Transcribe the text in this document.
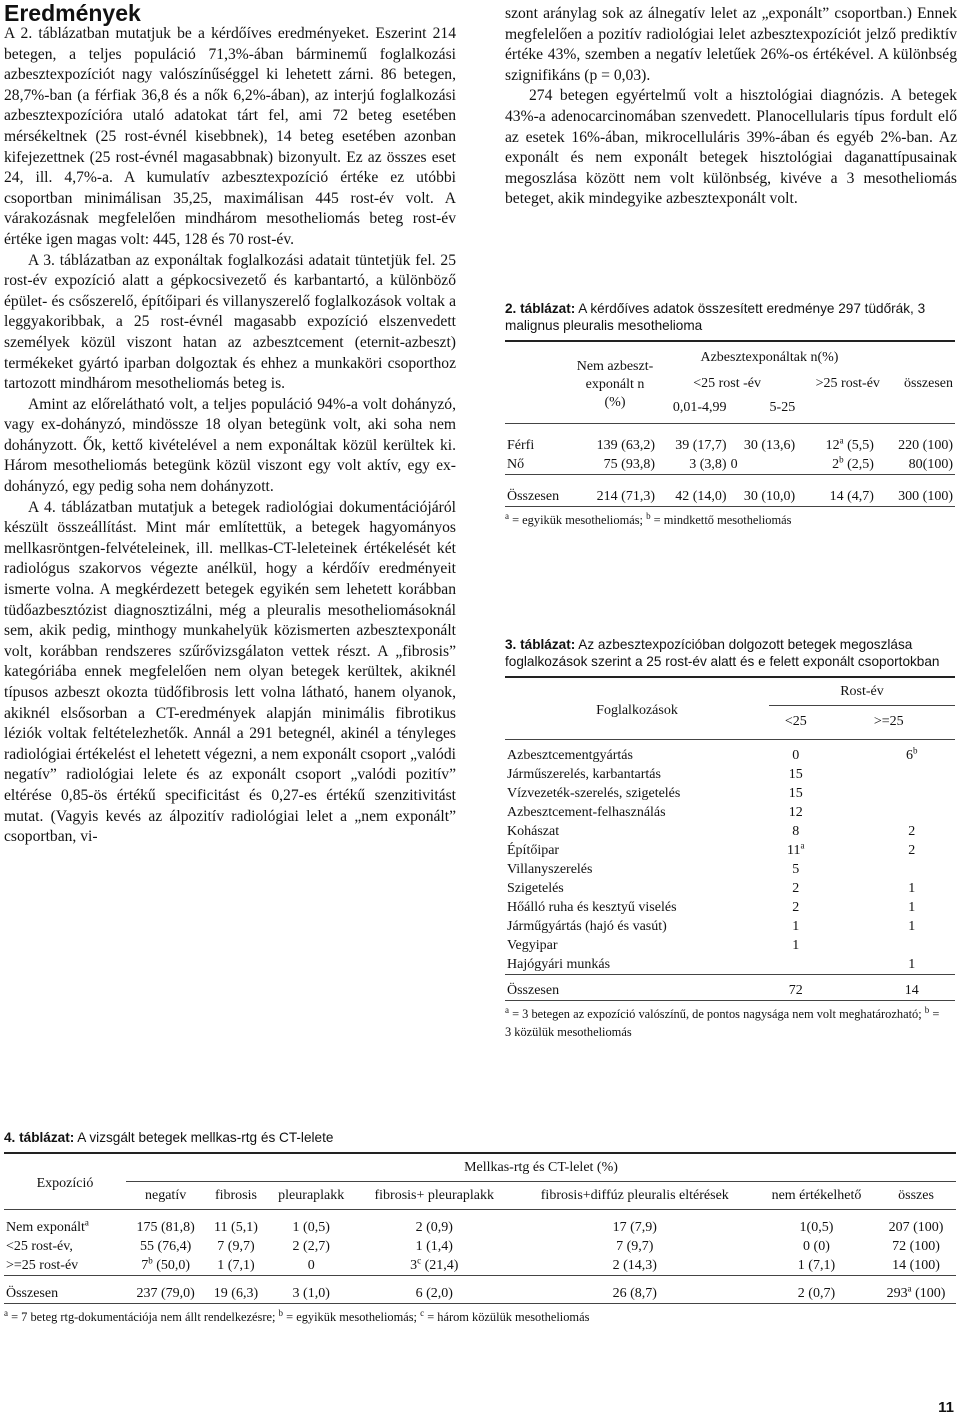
Eredmények

A 2. táblázatban mutatjuk be a kérdőíves eredményeket. Eszerint 214 betegen, a teljes populáció 71,3%-ában bárminemű foglalkozási azbesztexpozíciót nagy valószínűséggel ki lehetett zárni. 86 betegen, 28,7%-ban (a férfiak 36,8 és a nők 6,2%-ában), az interjú foglalkozási azbesztexpozícióra utaló adatokat tárt fel, ami 72 beteg esetében mérsékeltnek (25 rost-évnél kisebbnek), 14 beteg esetében azonban kifejezettnek (25 rost-évnél magasabbnak) bizonyult. Ez az összes eset 24, ill. 4,7%-a. A kumulatív azbesztexpozíció értéke ez utóbbi csoportban minimálisan 35,25, maximálisan 445 rost-év volt. A várakozásnak megfelelően mindhárom mesotheliomás beteg rost-év értéke igen magas volt: 445, 128 és 70 rost-év.

A 3. táblázatban az exponáltak foglalkozási adatait tüntetjük fel. 25 rost-év expozíció alatt a gépkocsivezető és karbantartó, a különböző épület- és csőszerelő, építőipari és villanyszerelő foglalkozások voltak a leggyakoribbak, a 25 rost-évnél magasabb expozíció elszenvedett személyek közül viszont hatan az azbesztcement (eternit-azbeszt) termékeket gyártó iparban dolgoztak és ehhez a munkaköri csoporthoz tartozott mindhárom mesotheliomás beteg is.

Amint az előrelátható volt, a teljes populáció 94%-a volt dohányzó, vagy ex-dohányzó, mindössze 18 olyan betegünk volt, aki soha nem dohányzott. Ők, kettő kivételével a nem exponáltak közül kerültek ki. Három mesotheliomás betegünk közül viszont egy volt aktív, egy ex-dohányzó, egy pedig soha nem dohányzott.

A 4. táblázatban mutatjuk a betegek radiológiai dokumentációjáról készült összeállítást. Mint már említettük, a betegek hagyományos mellkasröntgen-felvételeinek, ill. mellkas-CT-leleteinek értékelését két radiológus szakorvos végezte anélkül, hogy a kérdőív eredményeit ismerte volna. A megkérdezett betegek egyikén sem lehetett korábban tüdőazbesztózist diagnosztizálni, még a pleuralis mesotheliomásoknál sem, akik pedig, minthogy munkahelyük közismerten azbesztexponált volt, korábban rendszeres szűrővizsgálaton vettek részt. A „fibrosis” kategóriába ennek megfelelően nem olyan betegek kerültek, akiknél típusos azbeszt okozta tüdőfibrosis lett volna látható, hanem olyanok, akiknél elsősorban a CT-eredmények alapján minimális fibrotikus léziók voltak feltételezhetők. Annál a 291 betegnél, akinél a tényleges radiológiai értékelést el lehetett végezni, a nem exponált csoport „valódi negatív” radiológiai lelete és az exponált csoport „valódi pozitív” eltérése 0,85-ös értékű specificitást és 0,27-es értékű szenzitivitást mutat. (Vagyis kevés az álpozitív radiológiai lelet a „nem exponált” csoportban, vi-

szont aránylag sok az álnegatív lelet az „exponált” csoportban.) Ennek megfelelően a pozitív radiológiai lelet azbesztexpozíciót jelző prediktív értéke 43%, szemben a negatív leletűek 26%-os értékével. A különbség szignifikáns (p = 0,03).

274 betegen egyértelmű volt a hisztológiai diagnózis. A betegek 43%-a adenocarcinomában szenvedett. Planocellularis típus fordult elő az esetek 16%-ában, mikrocelluláris 39%-ában és egyéb 2%-ban. Az exponált és nem exponált betegek hisztológiai daganattípusainak megoszlása között nem volt különbség, kivéve a 3 mesotheliomás beteget, akik mindegyike azbesztexponált volt.

2. táblázat: A kérdőíves adatok összesített eredménye 297 tüdőrák, 3 malignus pleuralis mesothelioma

	Nem azbeszt- exponált n (%)	Azbesztexponáltak n(%)				
		<25 rost -év		>25 rost-év		összesen
		0,01-4,99	5-25			

Férfi	139 (63,2)	39 (17,7)	30 (13,6)	12$^a$ (5,5)		220 (100)
Nő	75 (93,8)	3 (3,8)	0	2$^b$ (2,5)		80(100)

Összesen	214 (71,3)	42 (14,0)	30 (10,0)	14 (4,7)		300 (100)

$^a$ = egyikük mesotheliomás; $^b$ = mindkettő mesotheliomás

3. táblázat: Az azbesztexpozícióban dolgozott betegek megoszlása foglalkozások szerint a 25 rost-év alatt és e felett exponált csoportokban

Foglalkozások	Rost-év	
	<25	>=25

Azbesztcementgyártás	0	6$^b$
Járműszerelés, karbantartás	15	
Vízvezeték-szerelés, szigetelés	15	
Azbesztcement-felhasználás	12	
Kohászat	8	2
Építőipar	11$^a$	2
Villanyszerelés	5	
Szigetelés	2	1
Hőálló ruha és kesztyű viselés	2	1
Járműgyártás (hajó és vasút)	1	1
Vegyipar	1	
Hajógyári munkás		1

Összesen	72	14

$^a$ = 3 betegen az expozíció valószínű, de pontos nagysága nem volt meghatározható; $^b$ = 3 közülük mesotheliomás

4. táblázat: A vizsgált betegek mellkas-rtg és CT-lelete

Expozíció	Mellkas-rtg és CT-lelet (%)						
	negatív	fibrosis	pleuraplakk	fibrosis+ pleuraplakk	fibrosis+diffúz pleuralis eltérések	nem értékelhető	összes

Nem exponált$^a$	175 (81,8)	11 (5,1)	1 (0,5)	2 (0,9)	17 (7,9)	1(0,5)	207 (100)
<25 rost-év,	55 (76,4)	7 (9,7)	2 (2,7)	1 (1,4)	7 (9,7)	0 (0)	72 (100)
>=25 rost-év	7$^b$ (50,0)	1 (7,1)	0	3$^c$ (21,4)	2 (14,3)	1 (7,1)	14 (100)

Összesen	237 (79,0)	19 (6,3)	3 (1,0)	6 (2,0)	26 (8,7)	2 (0,7)	293$^a$ (100)

$^a$ = 7 beteg rtg-dokumentációja nem állt rendelkezésre; $^b$ = egyikük mesotheliomás; $^c$ = három közülük mesotheliomás
11
